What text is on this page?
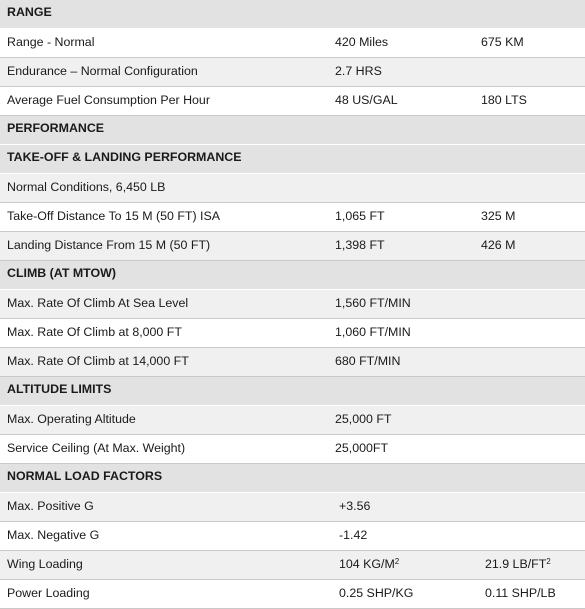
RANGE
Range - Normal	420 Miles	675 KM
Endurance – Normal Configuration	2.7 HRS
Average Fuel Consumption Per Hour	48 US/GAL	180 LTS
PERFORMANCE
TAKE-OFF & LANDING PERFORMANCE
Normal Conditions, 6,450 LB
Take-Off Distance To 15 M (50 FT) ISA	1,065 FT	325 M
Landing Distance From 15 M (50 FT)	1,398 FT	426 M
CLIMB (AT MTOW)
Max. Rate Of Climb At Sea Level	1,560 FT/MIN
Max. Rate Of Climb at 8,000 FT	1,060 FT/MIN
Max. Rate Of Climb at 14,000 FT	680 FT/MIN
ALTITUDE LIMITS
Max. Operating Altitude	25,000 FT
Service Ceiling (At Max. Weight)	25,000FT
NORMAL LOAD FACTORS
Max. Positive G	+3.56
Max. Negative G	-1.42
Wing Loading	104 $KG/M^2$	21.9 $LB/FT^2$
Power Loading	0.25 SHP/KG	0.11 SHP/LB
